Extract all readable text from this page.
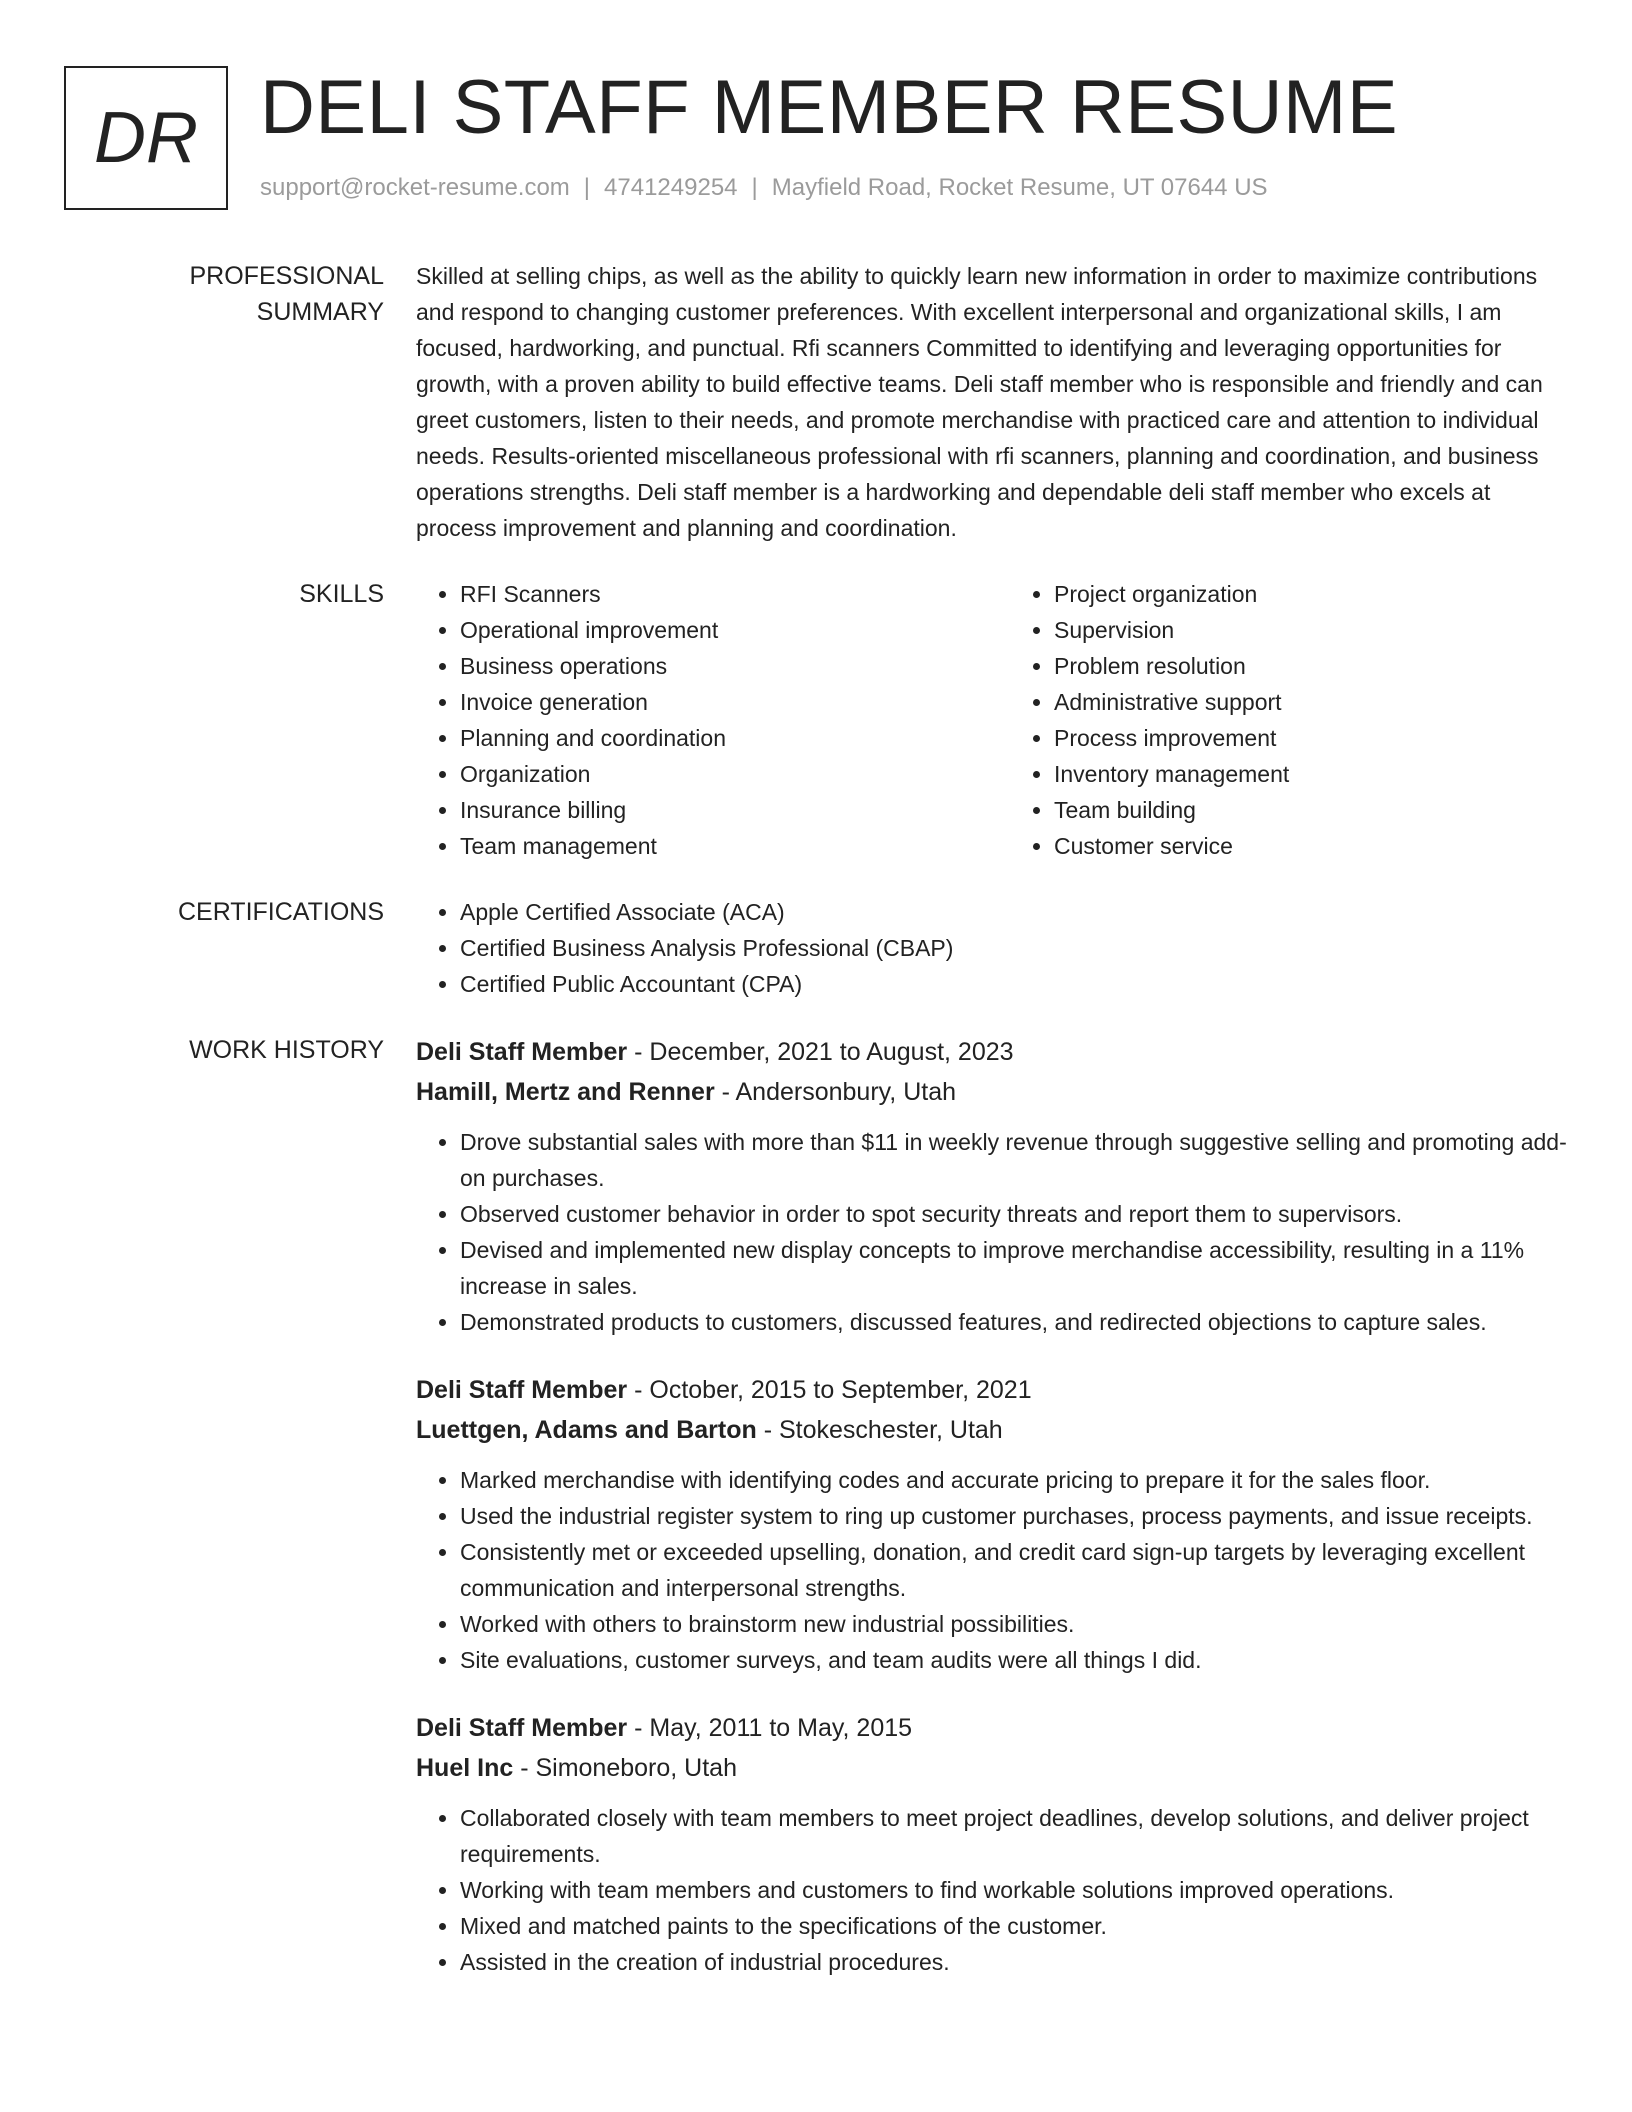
DR DELI STAFF MEMBER RESUME
support@rocket-resume.com | 4741249254 | Mayfield Road, Rocket Resume, UT 07644 US
PROFESSIONAL SUMMARY

Skilled at selling chips, as well as the ability to quickly learn new information in order to maximize contributions and respond to changing customer preferences. With excellent interpersonal and organizational skills, I am focused, hardworking, and punctual. Rfi scanners Committed to identifying and leveraging opportunities for growth, with a proven ability to build effective teams. Deli staff member who is responsible and friendly and can greet customers, listen to their needs, and promote merchandise with practiced care and attention to individual needs. Results-oriented miscellaneous professional with rfi scanners, planning and coordination, and business operations strengths. Deli staff member is a hardworking and dependable deli staff member who excels at process improvement and planning and coordination.

SKILLS	• RFI Scanners
• Operational improvement
• Business operations
• Invoice generation
• Planning and coordination
• Organization
• Insurance billing
• Team management
• Project organization
• Supervision
• Problem resolution
• Administrative support
• Process improvement
• Inventory management
• Team building
• Customer service
CERTIFICATIONS	• Apple Certified Associate (ACA)
• Certified Business Analysis Professional (CBAP)
• Certified Public Accountant (CPA)
WORK HISTORY	Deli Staff Member - December, 2021 to August, 2023
Hamill, Mertz and Renner - Andersonbury, Utah
• Drove substantial sales with more than $11 in weekly revenue through suggestive selling and promoting add-on purchases.
• Observed customer behavior in order to spot security threats and report them to supervisors.
• Devised and implemented new display concepts to improve merchandise accessibility, resulting in a 11% increase in sales.
• Demonstrated products to customers, discussed features, and redirected objections to capture sales.
Deli Staff Member - October, 2015 to September, 2021
Luettgen, Adams and Barton - Stokeschester, Utah
• Marked merchandise with identifying codes and accurate pricing to prepare it for the sales floor.
• Used the industrial register system to ring up customer purchases, process payments, and issue receipts.
• Consistently met or exceeded upselling, donation, and credit card sign-up targets by leveraging excellent communication and interpersonal strengths.
• Worked with others to brainstorm new industrial possibilities.
• Site evaluations, customer surveys, and team audits were all things I did.
Deli Staff Member - May, 2011 to May, 2015
Huel Inc - Simoneboro, Utah
• Collaborated closely with team members to meet project deadlines, develop solutions, and deliver project requirements.
• Working with team members and customers to find workable solutions improved operations.
• Mixed and matched paints to the specifications of the customer.
• Assisted in the creation of industrial procedures.
